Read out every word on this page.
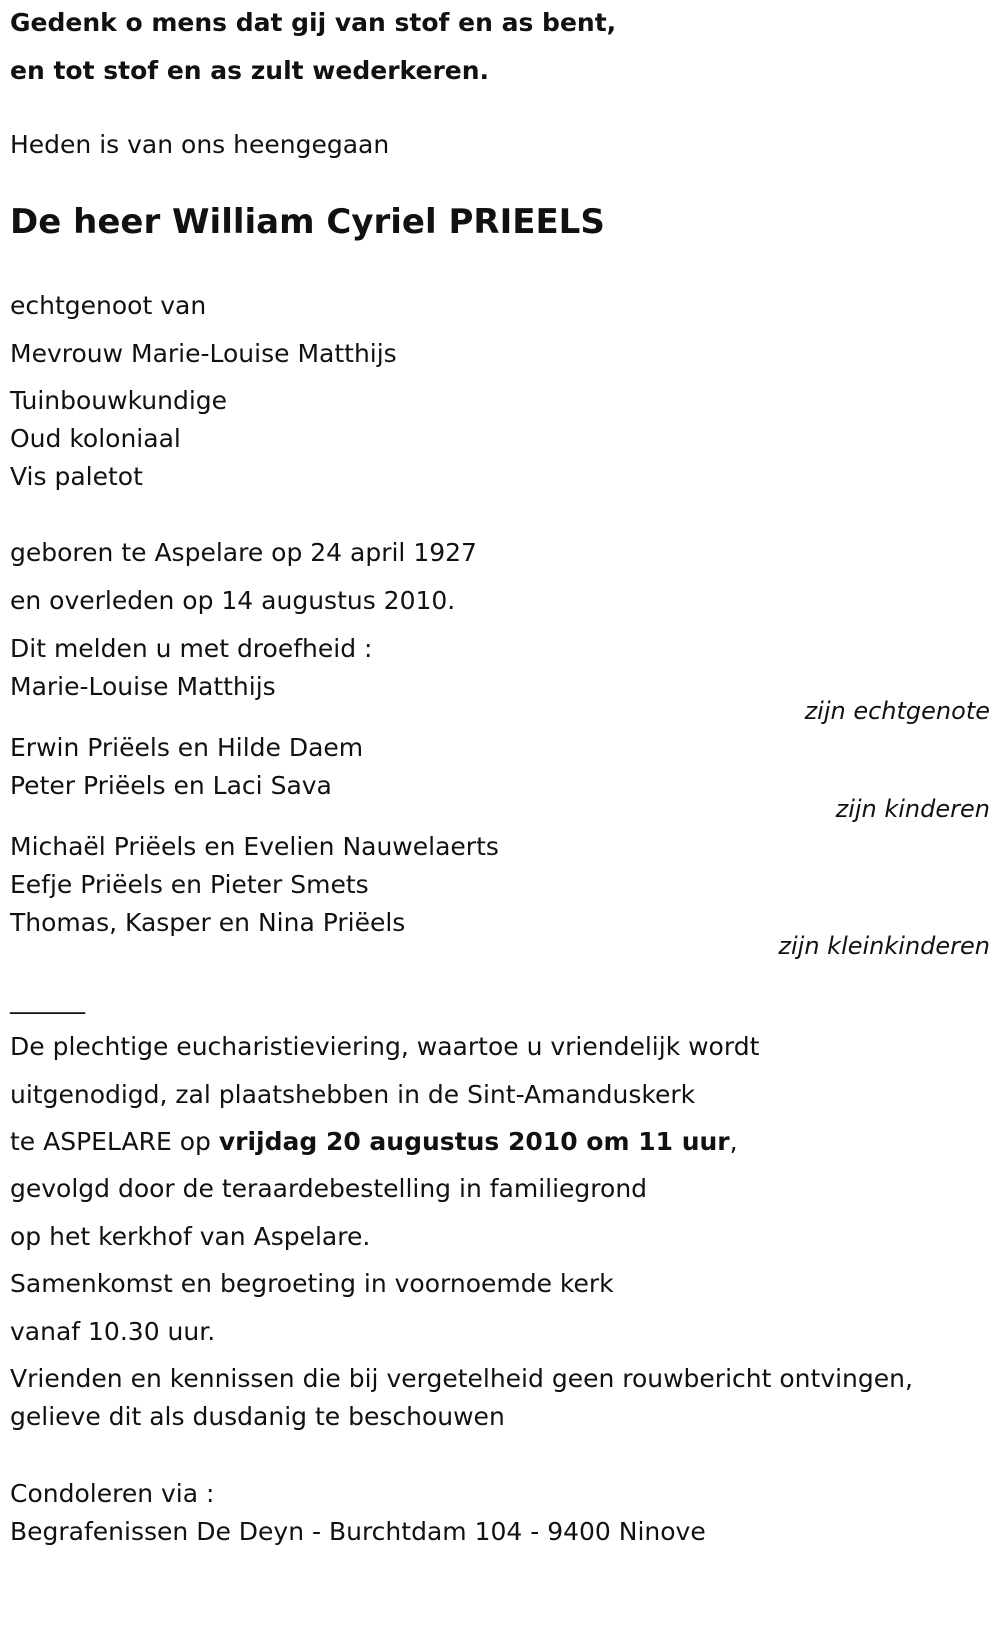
Gedenk o mens dat gij van stof en as bent,
en tot stof en as zult wederkeren.
Heden is van ons heengegaan
De heer William Cyriel PRIEELS
echtgenoot van
Mevrouw Marie-Louise Matthijs
Tuinbouwkundige
Oud koloniaal
Vis paletot
geboren te Aspelare op 24 april 1927
en overleden op 14 augustus 2010.
Dit melden u met droefheid :
Marie-Louise Matthijs
zijn echtgenote
Erwin Priëels en Hilde Daem
Peter Priëels en Laci Sava
zijn kinderen
Michaël Priëels en Evelien Nauwelaerts
Eefje Priëels en Pieter Smets
Thomas, Kasper en Nina Priëels
zijn kleinkinderen
______
De plechtige eucharistieviering, waartoe u vriendelijk wordt
uitgenodigd, zal plaatshebben in de Sint-Amanduskerk
te ASPELARE op vrijdag 20 augustus 2010 om 11 uur,
gevolgd door de teraardebestelling in familiegrond
op het kerkhof van Aspelare.
Samenkomst en begroeting in voornoemde kerk
vanaf 10.30 uur.
Vrienden en kennissen die bij vergetelheid geen rouwbericht ontvingen,
gelieve dit als dusdanig te beschouwen
Condoleren via :
Begrafenissen De Deyn - Burchtdam 104 - 9400 Ninove
